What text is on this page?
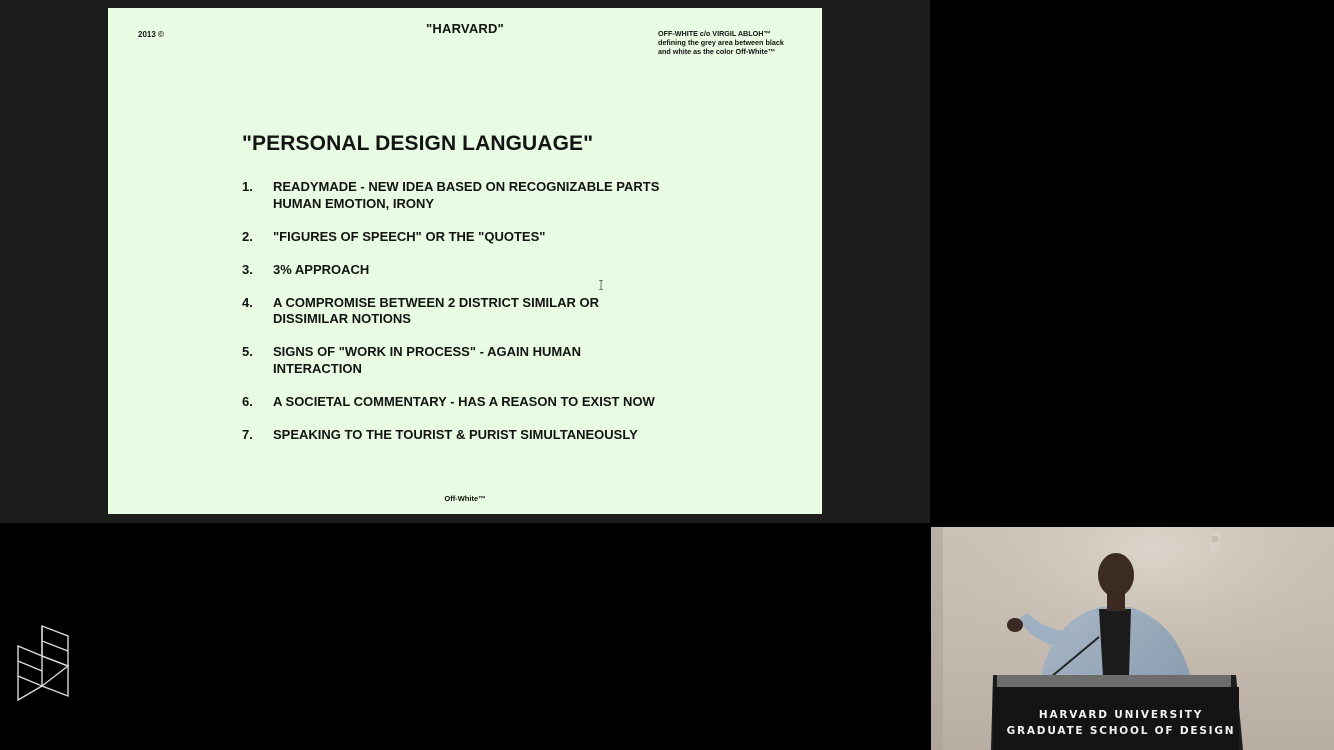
2013 ©	"HARVARD"	OFF-WHITE c/o VIRGIL ABLOH™
defining the grey area between black
and white as the color Off-White™
"PERSONAL DESIGN LANGUAGE"
1.	READYMADE - NEW IDEA BASED ON RECOGNIZABLE PARTS
HUMAN EMOTION, IRONY
2.	"FIGURES OF SPEECH" OR THE "QUOTES"
3.	3% APPROACH
4.	A COMPROMISE BETWEEN 2 DISTRICT SIMILAR OR
DISSIMILAR NOTIONS
5.	SIGNS OF "WORK IN PROCESS" - AGAIN HUMAN
INTERACTION
6.	A SOCIETAL COMMENTARY - HAS A REASON TO EXIST NOW
7.	SPEAKING TO THE TOURIST & PURIST SIMULTANEOUSLY
Off-White™
HARVARD UNIVERSITY
GRADUATE SCHOOL OF DESIGN
